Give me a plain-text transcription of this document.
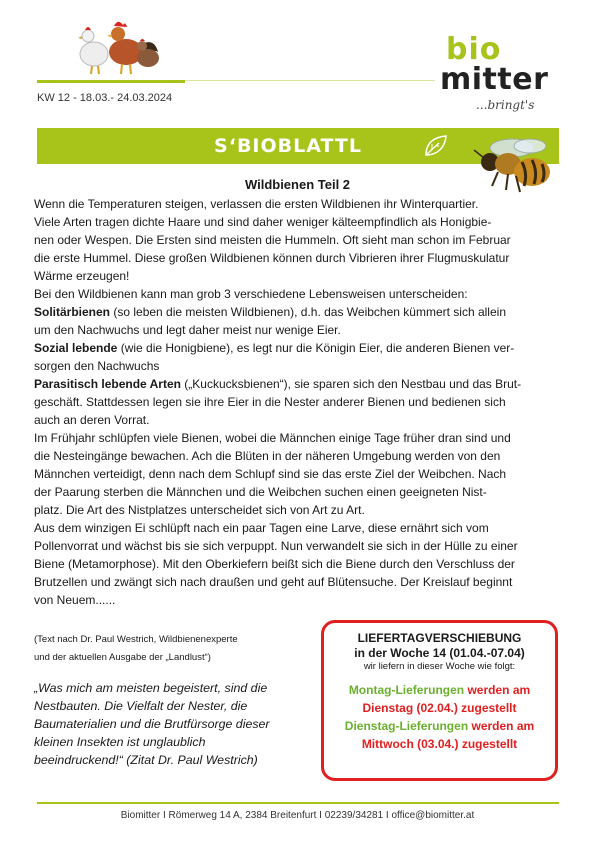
KW 12 - 18.03.- 24.03.2024
bio
mitter
...bringt's
S‘BIOBLATTL
Wildbienen Teil 2

Wenn die Temperaturen steigen, verlassen die ersten Wildbienen ihr Winterquartier.

Viele Arten tragen dichte Haare und sind daher weniger kälteempfindlich als Honigbie-

nen oder Wespen. Die Ersten sind meisten die Hummeln. Oft sieht man schon im Februar

die erste Hummel. Diese großen Wildbienen können durch Vibrieren ihrer Flugmuskulatur

Wärme erzeugen!

Bei den Wildbienen kann man grob 3 verschiedene Lebensweisen unterscheiden:

Solitärbienen (so leben die meisten Wildbienen), d.h. das Weibchen kümmert sich allein

um den Nachwuchs und legt daher meist nur wenige Eier.

Sozial lebende (wie die Honigbiene), es legt nur die Königin Eier, die anderen Bienen ver-

sorgen den Nachwuchs

Parasitisch lebende Arten („Kuckucksbienen“), sie sparen sich den Nestbau und das Brut-

geschäft. Stattdessen legen sie ihre Eier in die Nester anderer Bienen und bedienen sich

auch an deren Vorrat.

Im Frühjahr schlüpfen viele Bienen, wobei die Männchen einige Tage früher dran sind und

die Nesteingänge bewachen. Ach die Blüten in der näheren Umgebung werden von den

Männchen verteidigt, denn nach dem Schlupf sind sie das erste Ziel der Weibchen. Nach

der Paarung sterben die Männchen und die Weibchen suchen einen geeigneten Nist-

platz. Die Art des Nistplatzes unterscheidet sich von Art zu Art.

Aus dem winzigen Ei schlüpft nach ein paar Tagen eine Larve, diese ernährt sich vom

Pollenvorrat und wächst bis sie sich verpuppt. Nun verwandelt sie sich in der Hülle zu einer

Biene (Metamorphose). Mit den Oberkiefern beißt sich die Biene durch den Verschluss der

Brutzellen und zwängt sich nach draußen und geht auf Blütensuche. Der Kreislauf beginnt

von Neuem......

(Text nach Dr. Paul Westrich, Wildbienenexperte
und der aktuellen Ausgabe der „Landlust“)
„Was mich am meisten begeistert, sind die
Nestbauten. Die Vielfalt der Nester, die
Baumaterialien und die Brutfürsorge dieser
kleinen Insekten ist unglaublich
beeindruckend!“ (Zitat Dr. Paul Westrich)
LIEFERTAGVERSCHIEBUNG
in der Woche 14 (01.04.-07.04)
wir liefern in dieser Woche wie folgt:
Montag-Lieferungen werden am
Dienstag (02.04.) zugestellt
Dienstag-Lieferungen werden am
Mittwoch (03.04.) zugestellt
Biomitter I Römerweg 14 A, 2384 Breitenfurt I 02239/34281 I office@biomitter.at
